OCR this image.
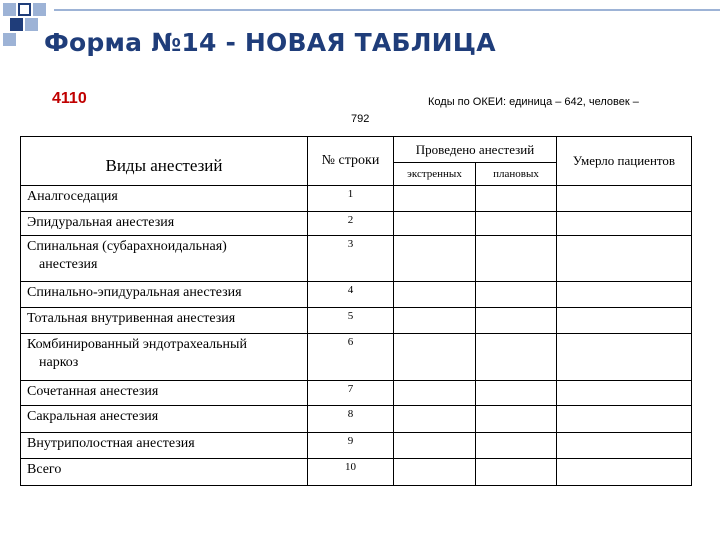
Форма №14 - НОВАЯ ТАБЛИЦА
4110	Коды по ОКЕИ: единица – 642, человек –
792
Виды анестезий	№ строки	Проведено анестезий		Умерло пациентов
		экстренных	плановых	
Аналгоседация	1			
Эпидуральная анестезия	2			
Спинальная (субарахноидальная)
анестезия	3			
Спинально-эпидуральная анестезия	4			
Тотальная внутривенная анестезия	5			
Комбинированный эндотрахеальный
наркоз	6			
Сочетанная анестезия	7			
Сакральная анестезия	8			
Внутриполостная анестезия	9			
Всего	10			
